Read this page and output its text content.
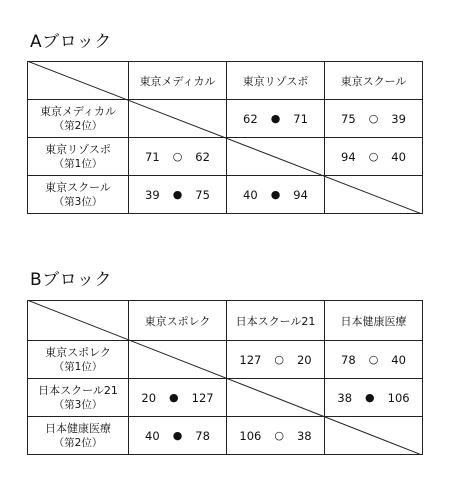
Aブロック
	東京メディカル	東京リゾスポ	東京スクール

東京メディカル
（第2位）		62 ● 71	75 ○ 39

東京リゾスポ
（第1位）	71 ○ 62		94 ○ 40

東京スクール
（第3位）	39 ● 75	40 ● 94	

Bブロック
	東京スポレク	日本スクール21	日本健康医療

東京スポレク
（第1位）		127 ○ 20	78 ○ 40

日本スクール21
（第3位）	20 ● 127		38 ● 106

日本健康医療
（第2位）	40 ● 78	106 ○ 38	
